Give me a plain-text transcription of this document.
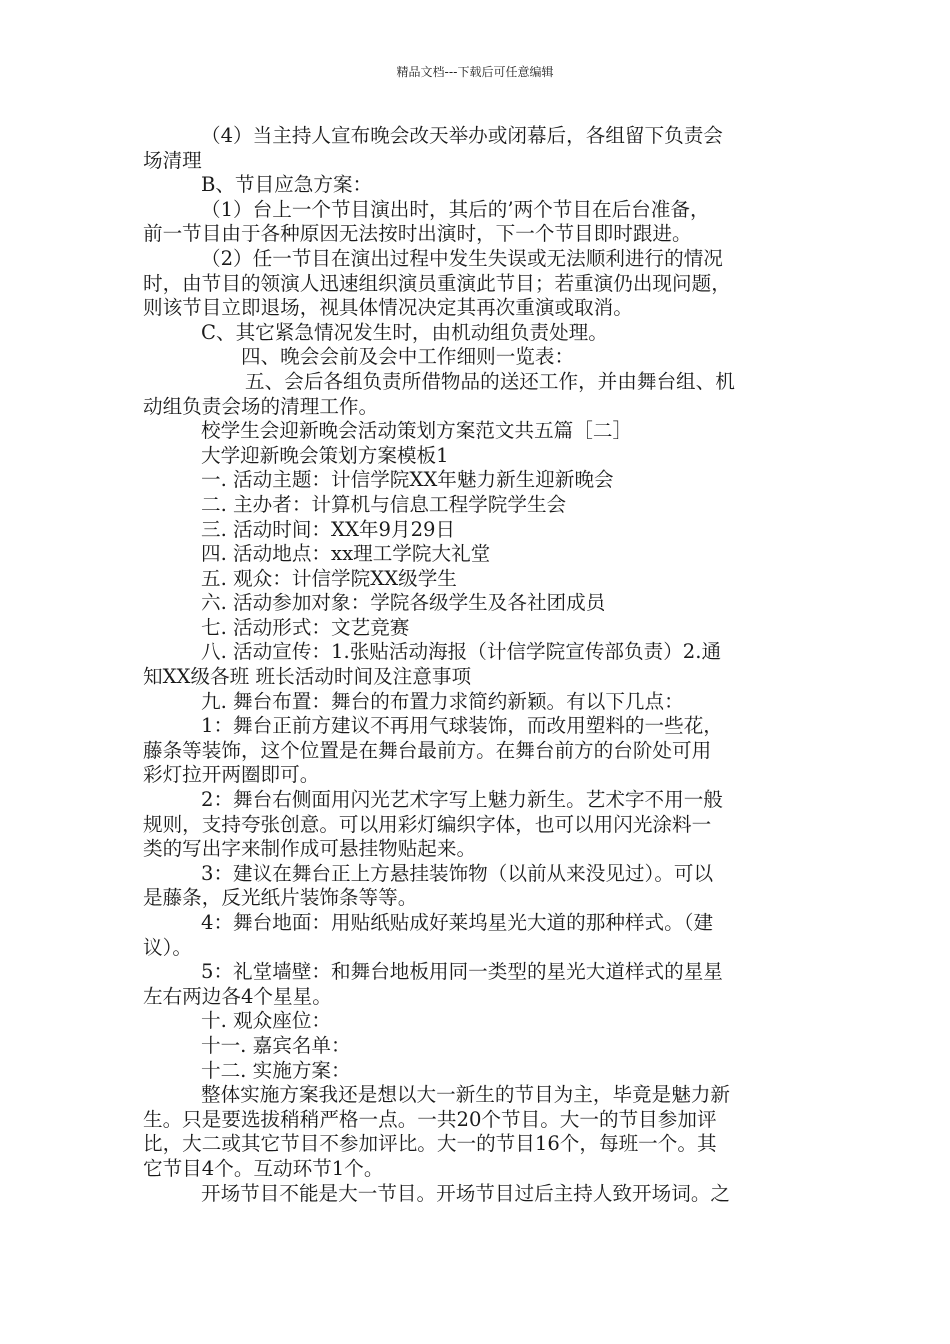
精品文档---下载后可任意编辑

（4）当主持人宣布晚会改天举办或闭幕后，各组留下负责会

场清理

B、节目应急方案：

（1）台上一个节目演出时，其后的’两个节目在后台准备，

前一节目由于各种原因无法按时出演时，下一个节目即时跟进。

（2）任一节目在演出过程中发生失误或无法顺利进行的情况

时，由节目的领演人迅速组织演员重演此节目；若重演仍出现问题，

则该节目立即退场，视具体情况决定其再次重演或取消。

C、其它紧急情况发生时，由机动组负责处理。

四、晚会会前及会中工作细则一览表：

五、会后各组负责所借物品的送还工作，并由舞台组、机

动组负责会场的清理工作。

校学生会迎新晚会活动策划方案范文共五篇［二］

大学迎新晚会策划方案模板1

一. 活动主题：计信学院XX年魅力新生迎新晚会

二. 主办者：计算机与信息工程学院学生会

三. 活动时间：XX年9月29日

四. 活动地点：xx理工学院大礼堂

五. 观众：计信学院XX级学生

六. 活动参加对象：学院各级学生及各社团成员

七. 活动形式：文艺竞赛

八. 活动宣传：1.张贴活动海报（计信学院宣传部负责）2.通

知XX级各班 班长活动时间及注意事项

九. 舞台布置：舞台的布置力求简约新颖。有以下几点：

1：舞台正前方建议不再用气球装饰，而改用塑料的一些花，

藤条等装饰，这个位置是在舞台最前方。在舞台前方的台阶处可用

彩灯拉开两圈即可。

2：舞台右侧面用闪光艺术字写上魅力新生。艺术字不用一般

规则，支持夸张创意。可以用彩灯编织字体，也可以用闪光涂料一

类的写出字来制作成可悬挂物贴起来。

3：建议在舞台正上方悬挂装饰物（以前从来没见过）。可以

是藤条，反光纸片装饰条等等。

4：舞台地面：用贴纸贴成好莱坞星光大道的那种样式。（建

议）。

5：礼堂墙壁：和舞台地板用同一类型的星光大道样式的星星

左右两边各4个星星。

十. 观众座位：

十一. 嘉宾名单：

十二. 实施方案：

整体实施方案我还是想以大一新生的节目为主，毕竟是魅力新

生。只是要选拔稍稍严格一点。一共20个节目。大一的节目参加评

比，大二或其它节目不参加评比。大一的节目16个，每班一个。其

它节目4个。互动环节1个。

开场节目不能是大一节目。开场节目过后主持人致开场词。之
